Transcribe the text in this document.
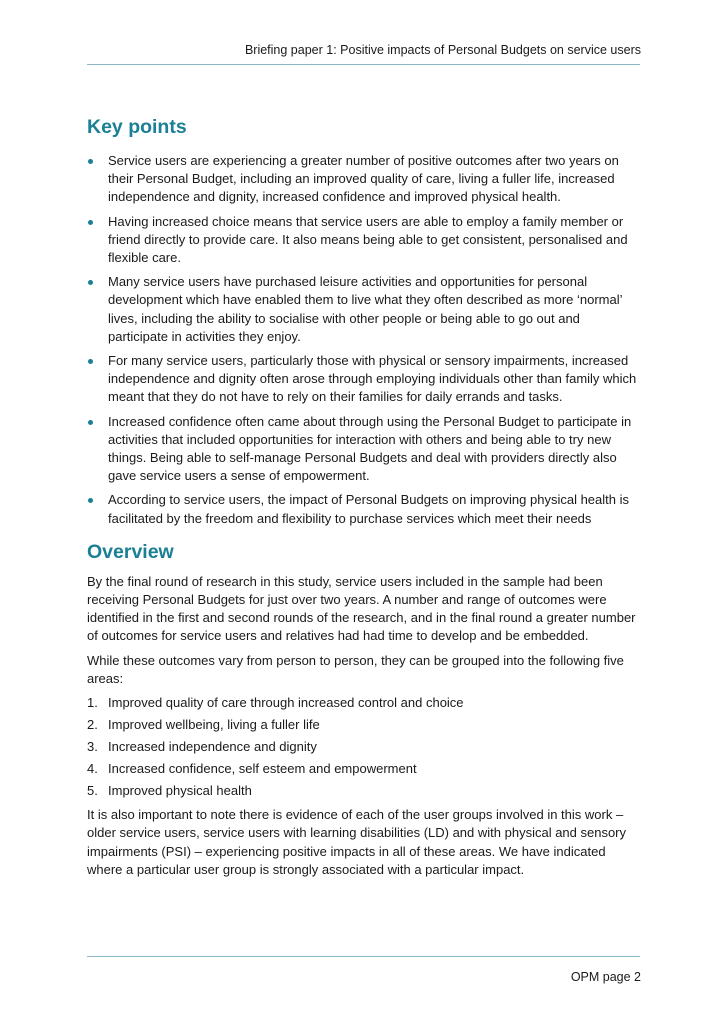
Briefing paper 1: Positive impacts of Personal Budgets on service users
Key points
Service users are experiencing a greater number of positive outcomes after two years on their Personal Budget, including an improved quality of care, living a fuller life, increased independence and dignity, increased confidence and improved physical health.
Having increased choice means that service users are able to employ a family member or friend directly to provide care. It also means being able to get consistent, personalised and flexible care.
Many service users have purchased leisure activities and opportunities for personal development which have enabled them to live what they often described as more ‘normal’ lives, including the ability to socialise with other people or being able to go out and participate in activities they enjoy.
For many service users, particularly those with physical or sensory impairments, increased independence and dignity often arose through employing individuals other than family which meant that they do not have to rely on their families for daily errands and tasks.
Increased confidence often came about through using the Personal Budget to participate in activities that included opportunities for interaction with others and being able to try new things. Being able to self-manage Personal Budgets and deal with providers directly also gave service users a sense of empowerment.
According to service users, the impact of Personal Budgets on improving physical health is facilitated by the freedom and flexibility to purchase services which meet their needs
Overview

By the final round of research in this study, service users included in the sample had been receiving Personal Budgets for just over two years. A number and range of outcomes were identified in the first and second rounds of the research, and in the final round a greater number of outcomes for service users and relatives had had time to develop and be embedded.

While these outcomes vary from person to person, they can be grouped into the following five areas:

1. Improved quality of care through increased control and choice
2. Improved wellbeing, living a fuller life
3. Increased independence and dignity
4. Increased confidence, self esteem and empowerment
5. Improved physical health

It is also important to note there is evidence of each of the user groups involved in this work – older service users, service users with learning disabilities (LD) and with physical and sensory impairments (PSI) – experiencing positive impacts in all of these areas. We have indicated where a particular user group is strongly associated with a particular impact.

OPM page 2
